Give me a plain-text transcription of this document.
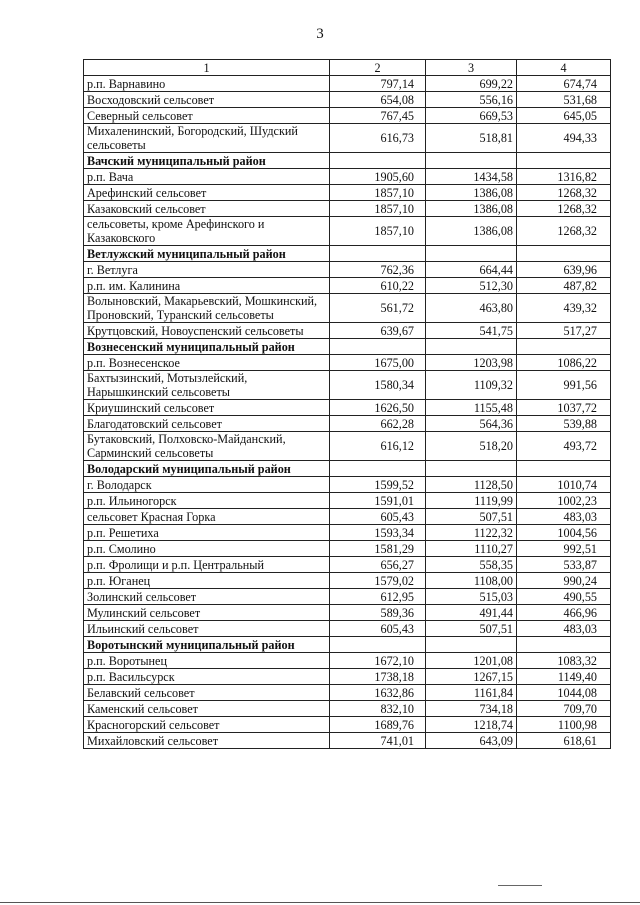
3
1	2	3	4
р.п. Варнавино	797,14	699,22	674,74
Восходовский сельсовет	654,08	556,16	531,68
Северный сельсовет	767,45	669,53	645,05
Михаленинский, Богородский, Шудский сельсоветы	616,73	518,81	494,33
Вачский муниципальный район			
р.п. Вача	1905,60	1434,58	1316,82
Арефинский сельсовет	1857,10	1386,08	1268,32
Казаковский сельсовет	1857,10	1386,08	1268,32
сельсоветы, кроме Арефинского и Казаковского	1857,10	1386,08	1268,32
Ветлужский муниципальный район			
г. Ветлуга	762,36	664,44	639,96
р.п. им. Калинина	610,22	512,30	487,82
Волыновский, Макарьевский, Мошкинский, Проновский, Туранский сельсоветы	561,72	463,80	439,32
Крутцовский, Новоуспенский сельсоветы	639,67	541,75	517,27
Вознесенский муниципальный район			
р.п. Вознесенское	1675,00	1203,98	1086,22
Бахтызинский, Мотызлейский, Нарышкинский сельсоветы	1580,34	1109,32	991,56
Криушинский сельсовет	1626,50	1155,48	1037,72
Благодатовский сельсовет	662,28	564,36	539,88
Бутаковский, Полховско-Майданский, Сарминский сельсоветы	616,12	518,20	493,72
Володарский муниципальный район			
г. Володарск	1599,52	1128,50	1010,74
р.п. Ильиногорск	1591,01	1119,99	1002,23
сельсовет Красная Горка	605,43	507,51	483,03
р.п. Решетиха	1593,34	1122,32	1004,56
р.п. Смолино	1581,29	1110,27	992,51
р.п. Фролищи и р.п. Центральный	656,27	558,35	533,87
р.п. Юганец	1579,02	1108,00	990,24
Золинский сельсовет	612,95	515,03	490,55
Мулинский сельсовет	589,36	491,44	466,96
Ильинский сельсовет	605,43	507,51	483,03
Воротынский муниципальный район			
р.п. Воротынец	1672,10	1201,08	1083,32
р.п. Васильсурск	1738,18	1267,15	1149,40
Белавский сельсовет	1632,86	1161,84	1044,08
Каменский сельсовет	832,10	734,18	709,70
Красногорский сельсовет	1689,76	1218,74	1100,98
Михайловский сельсовет	741,01	643,09	618,61
